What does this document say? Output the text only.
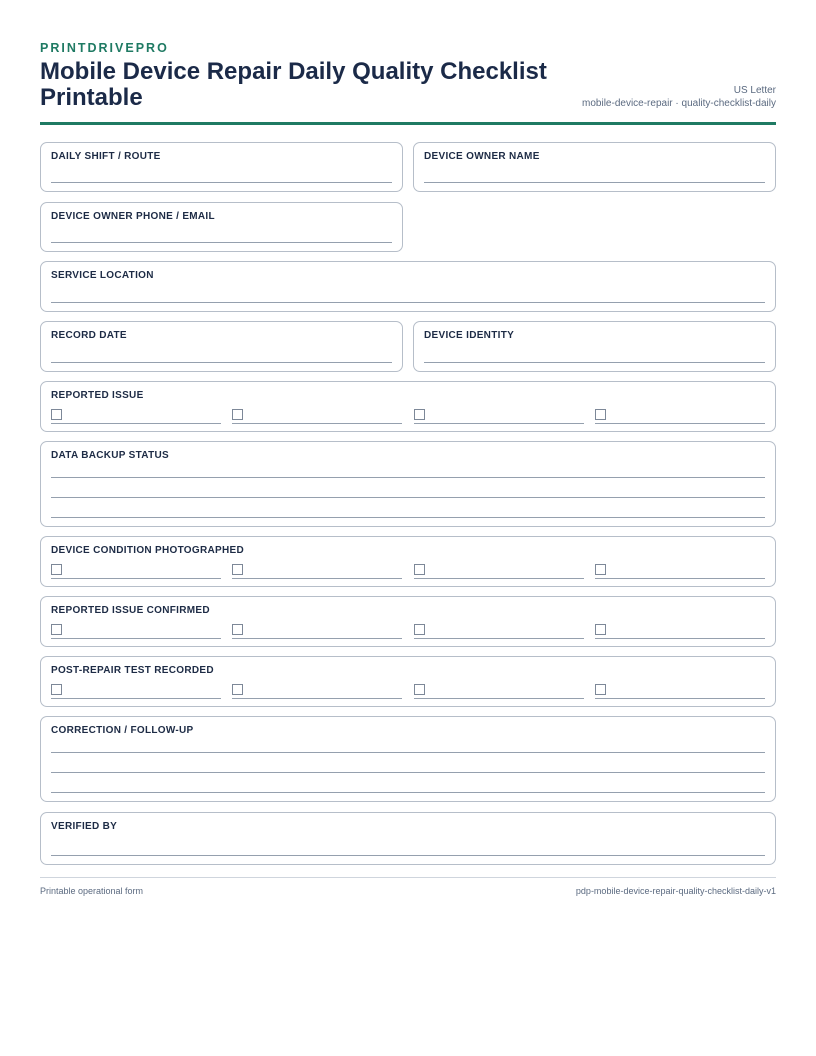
PRINTDRIVEPRO
Mobile Device Repair Daily Quality Checklist Printable	US Letter
mobile-device-repair · quality-checklist-daily
DAILY SHIFT / ROUTE	DEVICE OWNER NAME
DEVICE OWNER PHONE / EMAIL
SERVICE LOCATION
RECORD DATE	DEVICE IDENTITY
REPORTED ISSUE
DATA BACKUP STATUS
DEVICE CONDITION PHOTOGRAPHED
REPORTED ISSUE CONFIRMED
POST-REPAIR TEST RECORDED
CORRECTION / FOLLOW-UP
VERIFIED BY
Printable operational form	pdp-mobile-device-repair-quality-checklist-daily-v1
